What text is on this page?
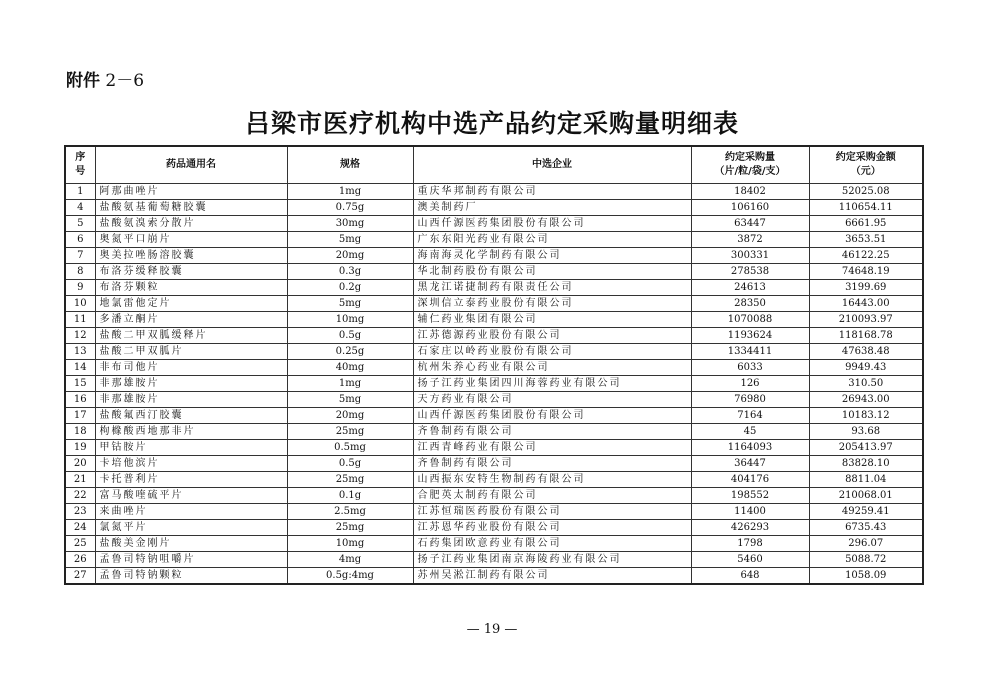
附件 2－6
吕梁市医疗机构中选产品约定采购量明细表
序
号	药品通用名	规格	中选企业	约定采购量
（片/粒/袋/支）	约定采购金额
（元）
1	阿那曲唑片	1mg	重庆华邦制药有限公司	18402	52025.08
4	盐酸氨基葡萄糖胶囊	0.75g	澳美制药厂	106160	110654.11
5	盐酸氨溴索分散片	30mg	山西仟源医药集团股份有限公司	63447	6661.95
6	奥氮平口崩片	5mg	广东东阳光药业有限公司	3872	3653.51
7	奥美拉唑肠溶胶囊	20mg	海南海灵化学制药有限公司	300331	46122.25
8	布洛芬缓释胶囊	0.3g	华北制药股份有限公司	278538	74648.19
9	布洛芬颗粒	0.2g	黑龙江诺捷制药有限责任公司	24613	3199.69
10	地氯雷他定片	5mg	深圳信立泰药业股份有限公司	28350	16443.00
11	多潘立酮片	10mg	辅仁药业集团有限公司	1070088	210093.97
12	盐酸二甲双胍缓释片	0.5g	江苏德源药业股份有限公司	1193624	118168.78
13	盐酸二甲双胍片	0.25g	石家庄以岭药业股份有限公司	1334411	47638.48
14	非布司他片	40mg	杭州朱养心药业有限公司	6033	9949.43
15	非那雄胺片	1mg	扬子江药业集团四川海蓉药业有限公司	126	310.50
16	非那雄胺片	5mg	天方药业有限公司	76980	26943.00
17	盐酸氟西汀胶囊	20mg	山西仟源医药集团股份有限公司	7164	10183.12
18	枸橼酸西地那非片	25mg	齐鲁制药有限公司	45	93.68
19	甲钴胺片	0.5mg	江西青峰药业有限公司	1164093	205413.97
20	卡培他滨片	0.5g	齐鲁制药有限公司	36447	83828.10
21	卡托普利片	25mg	山西振东安特生物制药有限公司	404176	8811.04
22	富马酸喹硫平片	0.1g	合肥英太制药有限公司	198552	210068.01
23	来曲唑片	2.5mg	江苏恒瑞医药股份有限公司	11400	49259.41
24	氯氮平片	25mg	江苏恩华药业股份有限公司	426293	6735.43
25	盐酸美金刚片	10mg	石药集团欧意药业有限公司	1798	296.07
26	孟鲁司特钠咀嚼片	4mg	扬子江药业集团南京海陵药业有限公司	5460	5088.72
27	孟鲁司特钠颗粒	0.5g:4mg	苏州吴淞江制药有限公司	648	1058.09
— 19 —
